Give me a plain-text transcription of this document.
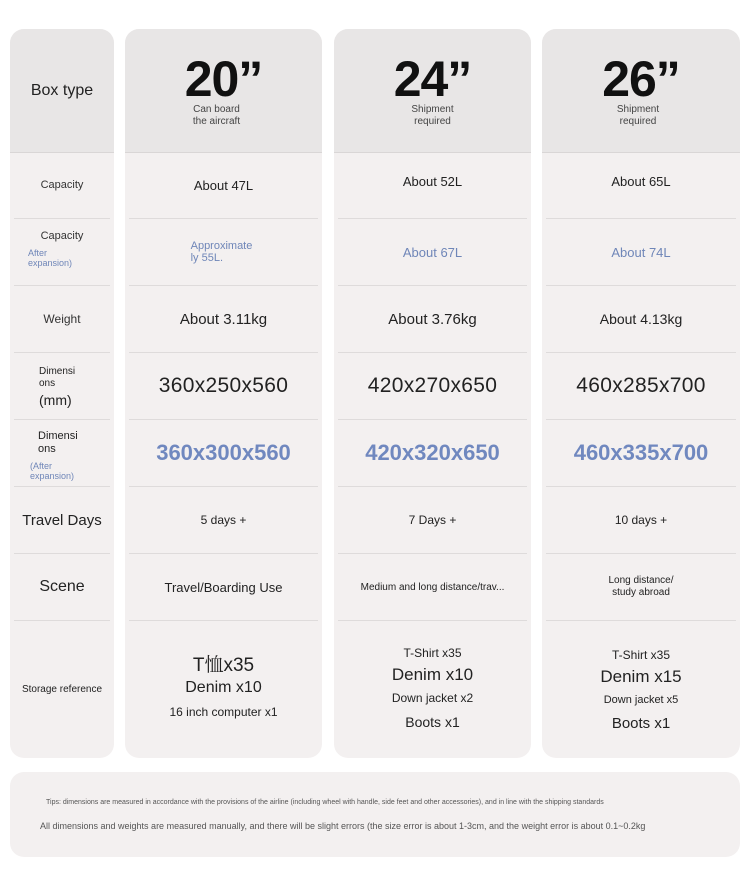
Box type
Capacity
Capacity
After
expansion)
Weight
Dimensi
ons
(mm)
Dimensi
ons
(After
expansion)
Travel Days
Scene
Storage reference
20”
Can board
the aircraft
About 47L
Approximate
ly 55L.
About 3.11kg
360x250x560
360x300x560
5 days +
Travel/Boarding Use
T恤x35
Denim x10
16 inch computer x1
24”
Shipment
required
About 52L
About 67L
About 3.76kg
420x270x650
420x320x650
7 Days +
Medium and long distance/trav...
T-Shirt x35
Denim x10
Down jacket x2
Boots x1
26”
Shipment
required
About 65L
About 74L
About 4.13kg
460x285x700
460x335x700
10 days +
Long distance/
study abroad
T-Shirt x35
Denim x15
Down jacket x5
Boots x1
Tips: dimensions are measured in accordance with the provisions of the airline (including wheel with handle, side feet and other accessories), and in line with the shipping standards
All dimensions and weights are measured manually, and there will be slight errors (the size error is about 1-3cm, and the weight error is about 0.1~0.2kg
